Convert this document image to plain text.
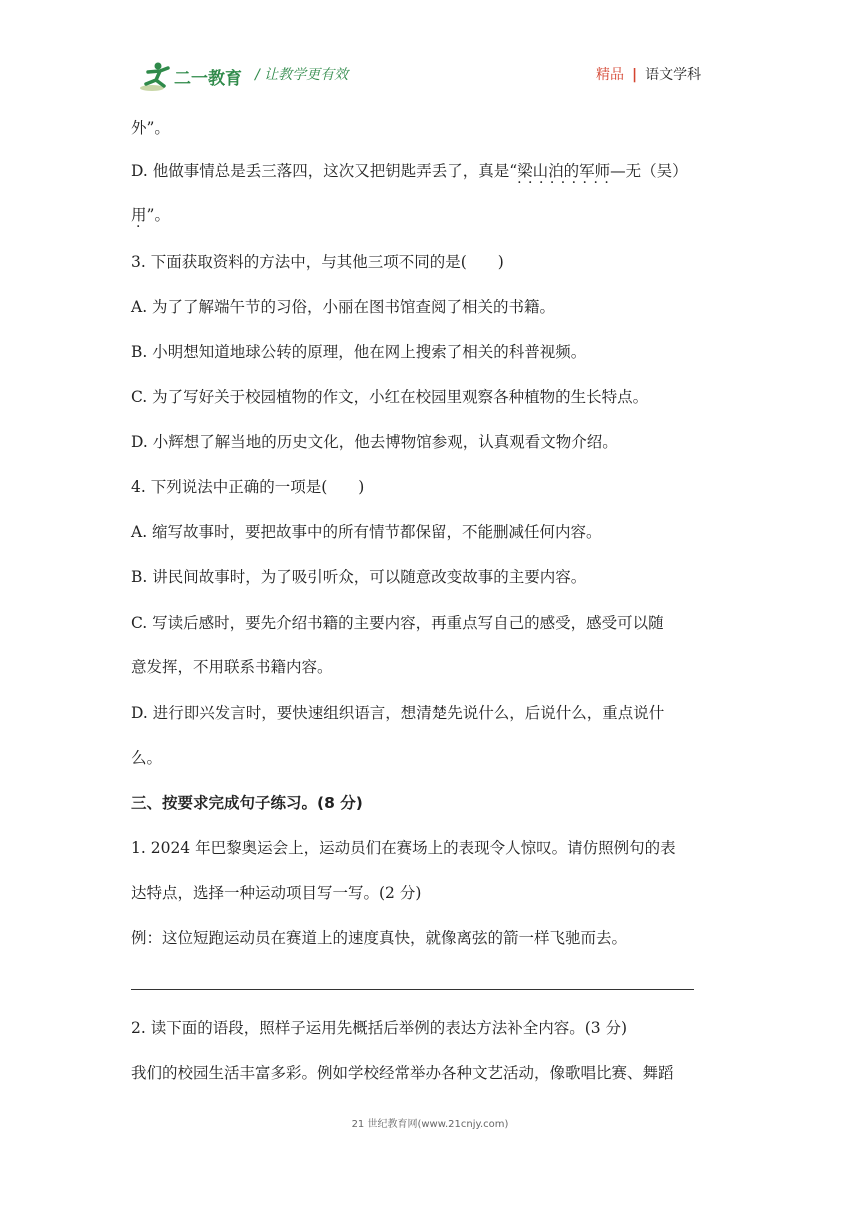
二一教育 / 让教学更有效	精品 | 语文学科
外”。
D. 他做事情总是丢三落四，这次又把钥匙弄丢了，真是“梁山泊的军师—无（吴） · ·
用”。
3. 下面获取资料的方法中，与其他三项不同的是(　　)
A. 为了了解端午节的习俗，小丽在图书馆查阅了相关的书籍。
B. 小明想知道地球公转的原理，他在网上搜索了相关的科普视频。
C. 为了写好关于校园植物的作文，小红在校园里观察各种植物的生长特点。
D. 小辉想了解当地的历史文化，他去博物馆参观，认真观看文物介绍。
4. 下列说法中正确的一项是(　　)
A. 缩写故事时，要把故事中的所有情节都保留，不能删减任何内容。
B. 讲民间故事时，为了吸引听众，可以随意改变故事的主要内容。
C. 写读后感时，要先介绍书籍的主要内容，再重点写自己的感受，感受可以随
意发挥，不用联系书籍内容。
D. 进行即兴发言时，要快速组织语言，想清楚先说什么，后说什么，重点说什
么。
三、按要求完成句子练习。(8 分)
1. 2024 年巴黎奥运会上，运动员们在赛场上的表现令人惊叹。请仿照例句的表
达特点，选择一种运动项目写一写。(2 分)
例：这位短跑运动员在赛道上的速度真快，就像离弦的箭一样飞驰而去。
2. 读下面的语段，照样子运用先概括后举例的表达方法补全内容。(3 分)
我们的校园生活丰富多彩。例如学校经常举办各种文艺活动，像歌唱比赛、舞蹈
21 世纪教育网(www.21cnjy.com)
